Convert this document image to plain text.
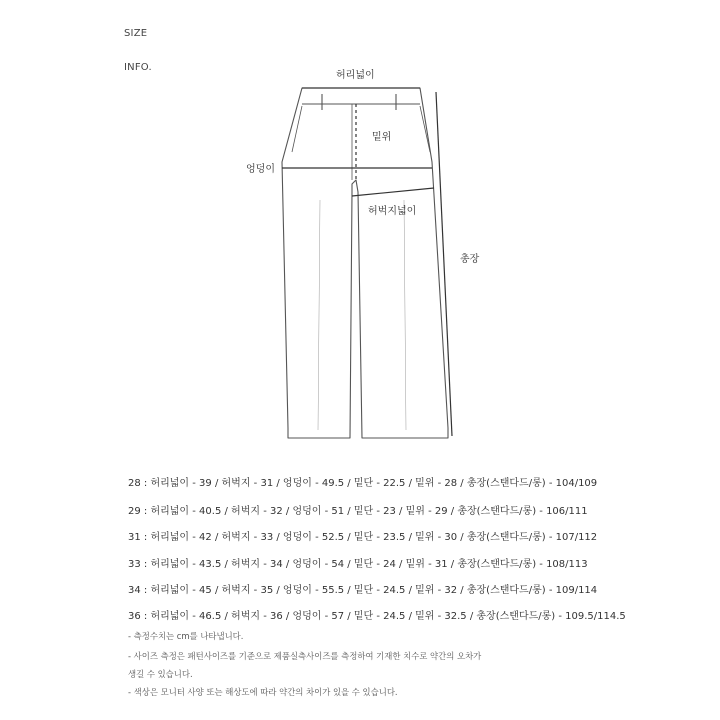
SIZE
INFO.
허리넓이
밑위
엉덩이
허벅지넓이
총장
28 : 허리넓이 - 39 / 허벅지 - 31 / 엉덩이 - 49.5 / 밑단 - 22.5 / 밑위 - 28 / 총장(스탠다드/롱) - 104/109
29 : 허리넓이 - 40.5 / 허벅지 - 32 / 엉덩이 - 51 / 밑단 - 23 / 밑위 - 29 / 총장(스탠다드/롱) - 106/111
31 : 허리넓이 - 42 / 허벅지 - 33 / 엉덩이 - 52.5 / 밑단 - 23.5 / 밑위 - 30 / 총장(스탠다드/롱) - 107/112
33 : 허리넓이 - 43.5 / 허벅지 - 34 / 엉덩이 - 54 / 밑단 - 24 / 밑위 - 31 / 총장(스탠다드/롱) - 108/113
34 : 허리넓이 - 45 / 허벅지 - 35 / 엉덩이 - 55.5 / 밑단 - 24.5 / 밑위 - 32 / 총장(스탠다드/롱) - 109/114
36 : 허리넓이 - 46.5 / 허벅지 - 36 / 엉덩이 - 57 / 밑단 - 24.5 / 밑위 - 32.5 / 총장(스탠다드/롱) - 109.5/114.5
- 측정수치는 cm를 나타냅니다.
- 사이즈 측정은 패턴사이즈를 기준으로 제품실측사이즈를 측정하여 기재한 치수로 약간의 오차가
생길 수 있습니다.
- 색상은 모니터 사양 또는 해상도에 따라 약간의 차이가 있을 수 있습니다.
